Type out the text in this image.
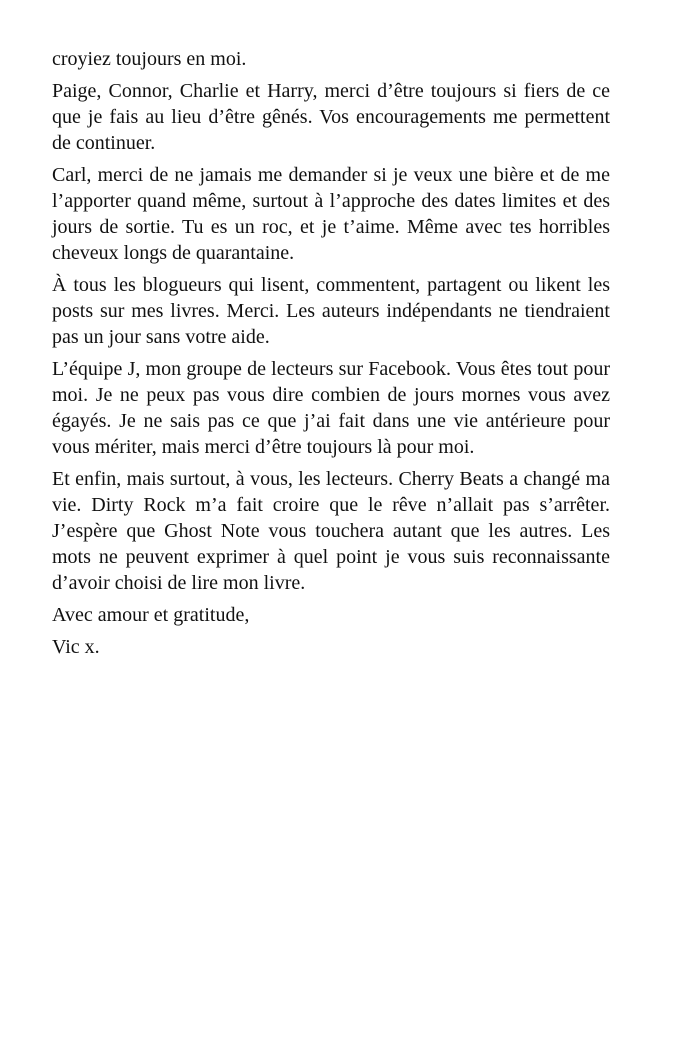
croyiez toujours en moi.

Paige, Connor, Charlie et Harry, merci d’être toujours si fiers de ce que je fais au lieu d’être gênés. Vos encouragements me permettent de continuer.

Carl, merci de ne jamais me demander si je veux une bière et de me l’apporter quand même, surtout à l’approche des dates limites et des jours de sortie. Tu es un roc, et je t’aime. Même avec tes horribles cheveux longs de quarantaine.

À tous les blogueurs qui lisent, commentent, partagent ou likent les posts sur mes livres. Merci. Les auteurs indépendants ne tiendraient pas un jour sans votre aide.

L’équipe J, mon groupe de lecteurs sur Facebook. Vous êtes tout pour moi. Je ne peux pas vous dire combien de jours mornes vous avez égayés. Je ne sais pas ce que j’ai fait dans une vie antérieure pour vous mériter, mais merci d’être toujours là pour moi.

Et enfin, mais surtout, à vous, les lecteurs. Cherry Beats a changé ma vie. Dirty Rock m’a fait croire que le rêve n’allait pas s’arrêter. J’espère que Ghost Note vous touchera autant que les autres. Les mots ne peuvent exprimer à quel point je vous suis reconnaissante d’avoir choisi de lire mon livre.

Avec amour et gratitude,

Vic x.
